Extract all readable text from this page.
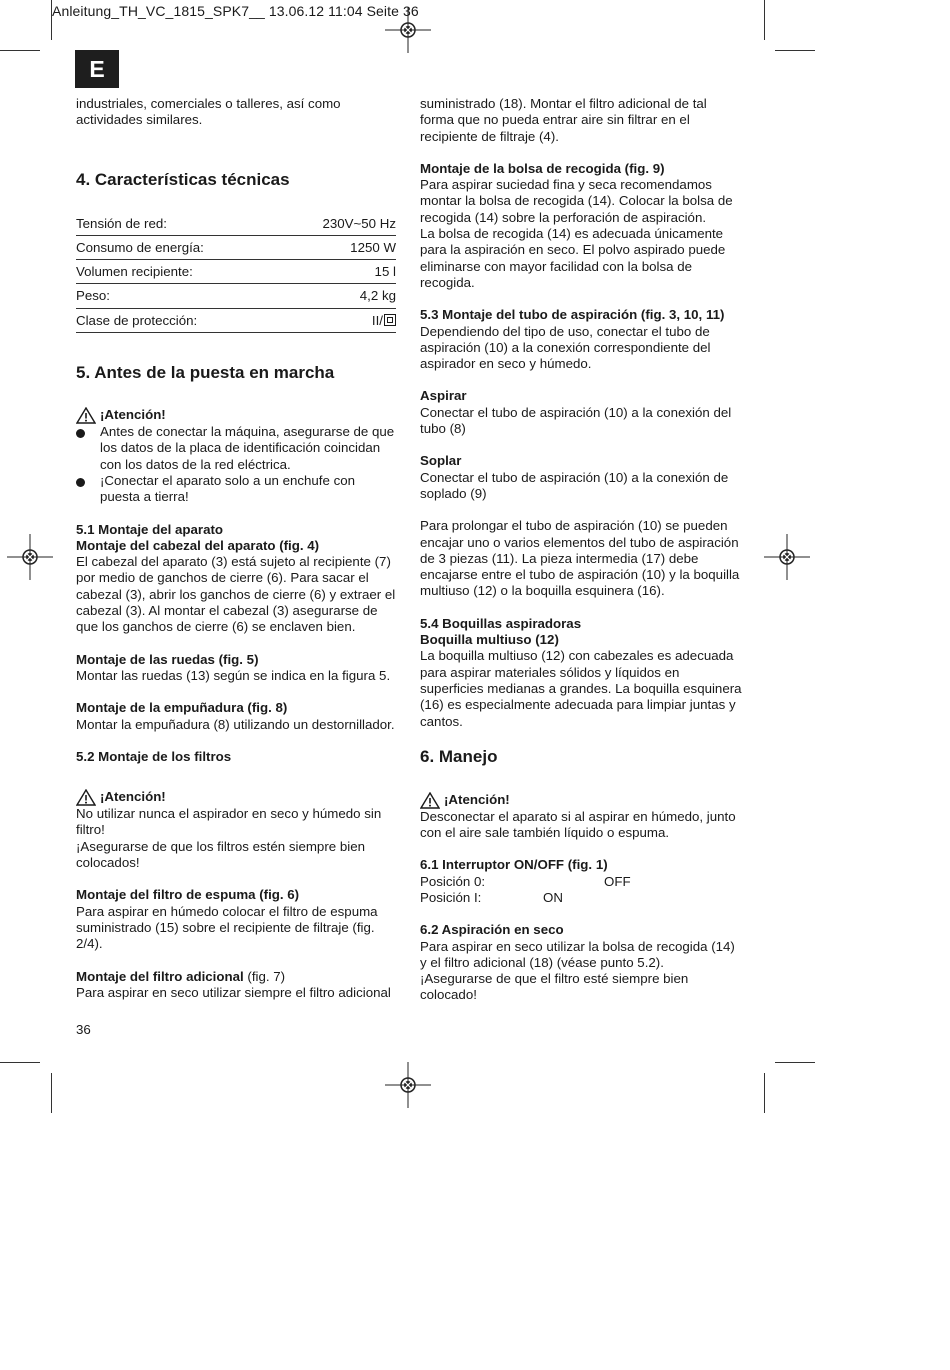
Anleitung_TH_VC_1815_SPK7__ 13.06.12 11:04 Seite 36
E

industriales, comerciales o talleres, así como actividades similares.

4. Características técnicas
Tensión de red:	230V~50 Hz
Consumo de energía:	1250 W
Volumen recipiente:	15 l
Peso:	4,2 kg
Clase de protección:	II/
5. Antes de la puesta en marcha
¡Atención!

Antes de conectar la máquina, asegurarse de que los datos de la placa de identificación coincidan con los datos de la red eléctrica.

¡Conectar el aparato solo a un enchufe con puesta a tierra!

5.1 Montaje del aparato

Montaje del cabezal del aparato (fig. 4)

El cabezal del aparato (3) está sujeto al recipiente (7) por medio de ganchos de cierre (6). Para sacar el cabezal (3), abrir los ganchos de cierre (6) y extraer el cabezal (3). Al montar el cabezal (3) asegurarse de que los ganchos de cierre (6) se enclaven bien.

Montaje de las ruedas (fig. 5)

Montar las ruedas (13) según se indica en la figura 5.

Montaje de la empuñadura (fig. 8)

Montar la empuñadura (8) utilizando un destornillador.

5.2 Montaje de los filtros

¡Atención!

No utilizar nunca el aspirador en seco y húmedo sin filtro!

¡Asegurarse de que los filtros estén siempre bien colocados!

Montaje del filtro de espuma (fig. 6)

Para aspirar en húmedo colocar el filtro de espuma suministrado (15) sobre el recipiente de filtraje (fig. 2/4).

Montaje del filtro adicional (fig. 7)

Para aspirar en seco utilizar siempre el filtro adicional

suministrado (18). Montar el filtro adicional de tal forma que no pueda entrar aire sin filtrar en el recipiente de filtraje (4).

Montaje de la bolsa de recogida (fig. 9)

Para aspirar suciedad fina y seca recomendamos montar la bolsa de recogida (14). Colocar la bolsa de recogida (14) sobre la perforación de aspiración.

La bolsa de recogida (14) es adecuada únicamente para la aspiración en seco. El polvo aspirado puede eliminarse con mayor facilidad con la bolsa de recogida.

5.3 Montaje del tubo de aspiración (fig. 3, 10, 11)

Dependiendo del tipo de uso, conectar el tubo de aspiración (10) a la conexión correspondiente del aspirador en seco y húmedo.

Aspirar

Conectar el tubo de aspiración (10) a la conexión del tubo (8)

Soplar

Conectar el tubo de aspiración (10) a la conexión de soplado (9)

Para prolongar el tubo de aspiración (10) se pueden encajar uno o varios elementos del tubo de aspiración de 3 piezas (11). La pieza intermedia (17) debe encajarse entre el tubo de aspiración (10) y la boquilla multiuso (12) o la boquilla esquinera (16).

5.4 Boquillas aspiradoras

Boquilla multiuso (12)

La boquilla multiuso (12) con cabezales es adecuada para aspirar materiales sólidos y líquidos en superficies medianas a grandes. La boquilla esquinera (16) es especialmente adecuada para limpiar juntas y cantos.

6. Manejo
¡Atención!

Desconectar el aparato si al aspirar en húmedo, junto con el aire sale también líquido o espuma.

6.1 Interruptor ON/OFF (fig. 1)

Posición 0:	OFF
Posición I:	ON

6.2 Aspiración en seco

Para aspirar en seco utilizar la bolsa de recogida (14) y el filtro adicional (18) (véase punto 5.2).

¡Asegurarse de que el filtro esté siempre bien colocado!

36
